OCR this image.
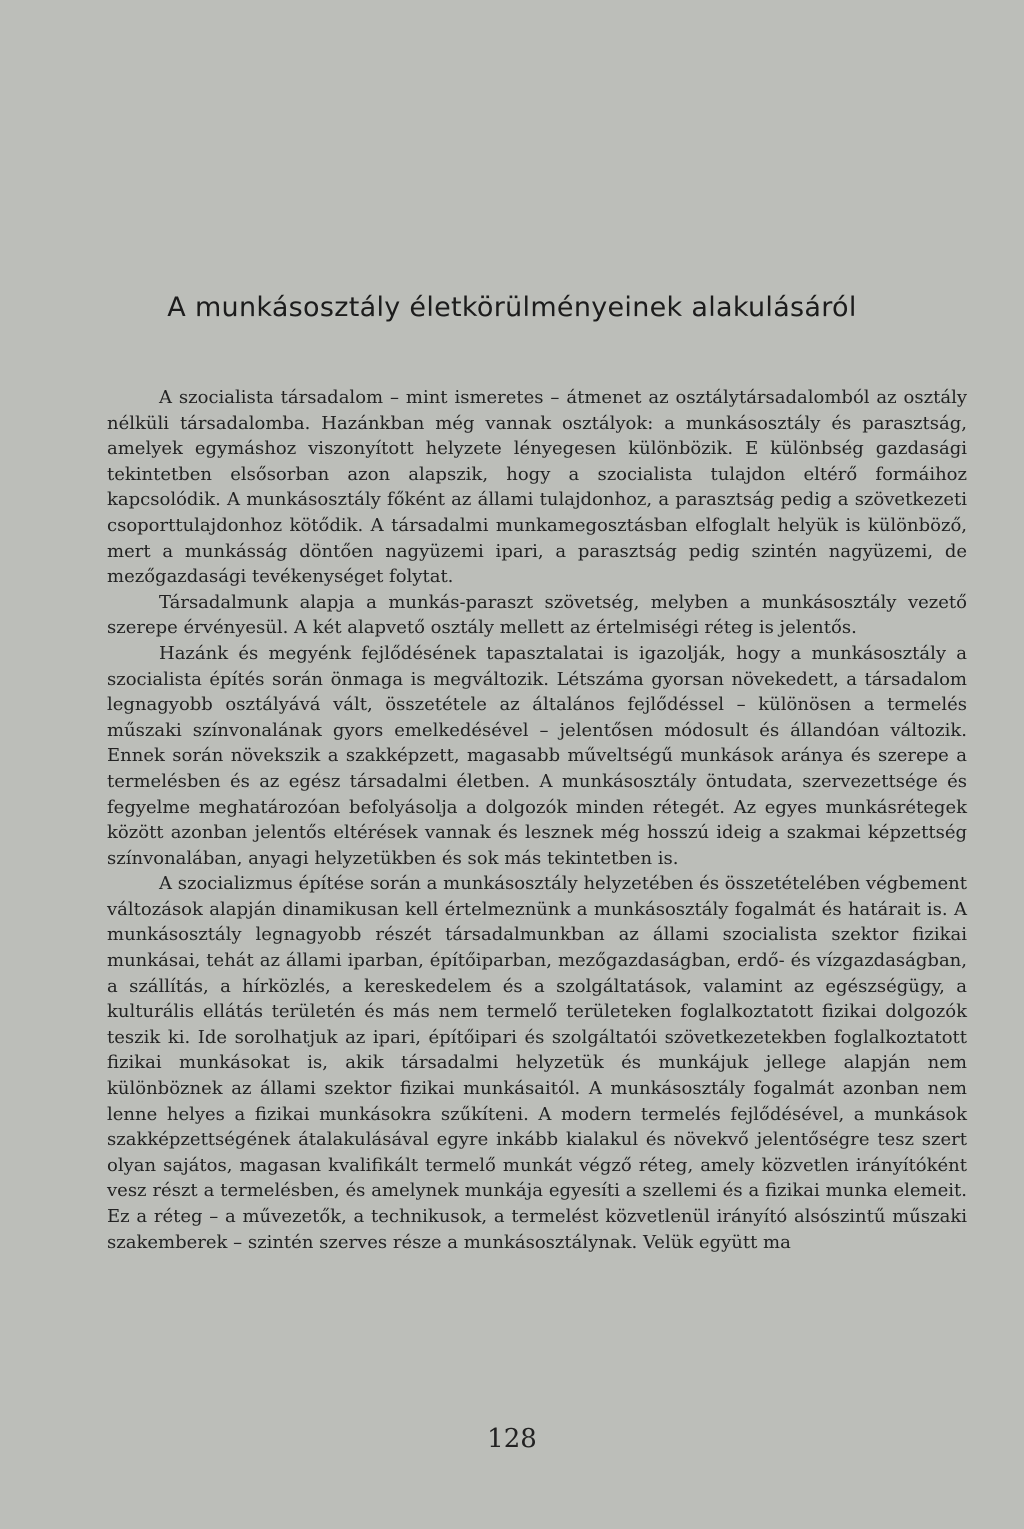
A munkásosztály életkörülményeinek alakulásáról

A szocialista társadalom – mint ismeretes – átmenet az osztálytársadalomból az osztály nélküli társadalomba. Hazánkban még vannak osztályok: a munkásosztály és parasztság, amelyek egymáshoz viszonyított helyzete lényegesen különbözik. E különbség gazdasági tekintetben elsősorban azon alapszik, hogy a szocialista tulajdon eltérő formáihoz kapcsolódik. A munkásosztály főként az állami tulajdonhoz, a parasztság pedig a szövetkezeti csoporttulajdonhoz kötődik. A társadalmi munkamegosztásban elfoglalt helyük is különböző, mert a munkásság döntően nagyüzemi ipari, a parasztság pedig szintén nagyüzemi, de mezőgazdasági tevékenységet folytat.

Társadalmunk alapja a munkás-paraszt szövetség, melyben a munkásosztály vezető szerepe érvényesül. A két alapvető osztály mellett az értelmiségi réteg is jelentős.

Hazánk és megyénk fejlődésének tapasztalatai is igazolják, hogy a munkásosztály a szocialista építés során önmaga is megváltozik. Létszáma gyorsan növekedett, a társadalom legnagyobb osztályává vált, összetétele az általános fejlődéssel – különösen a termelés műszaki színvonalának gyors emelkedésével – jelentősen módosult és állandóan változik. Ennek során növekszik a szakképzett, magasabb műveltségű munkások aránya és szerepe a termelésben és az egész társadalmi életben. A munkásosztály öntudata, szervezettsége és fegyelme meghatározóan befolyásolja a dolgozók minden rétegét. Az egyes munkásrétegek között azonban jelentős eltérések vannak és lesznek még hosszú ideig a szakmai képzettség színvonalában, anyagi helyzetükben és sok más tekintetben is.

A szocializmus építése során a munkásosztály helyzetében és összetételében végbement változások alapján dinamikusan kell értelmeznünk a munkásosztály fogalmát és határait is. A munkásosztály legnagyobb részét társadalmunkban az állami szocialista szektor fizikai munkásai, tehát az állami iparban, építőiparban, mezőgazdaságban, erdő- és vízgazdaságban, a szállítás, a hírközlés, a kereskedelem és a szolgáltatások, valamint az egészségügy, a kulturális ellátás területén és más nem termelő területeken foglalkoztatott fizikai dolgozók teszik ki. Ide sorolhatjuk az ipari, építőipari és szolgáltatói szövetkezetekben foglalkoztatott fizikai munkásokat is, akik társadalmi helyzetük és munkájuk jellege alapján nem különböznek az állami szektor fizikai munkásaitól. A munkásosztály fogalmát azonban nem lenne helyes a fizikai munkásokra szűkíteni. A modern termelés fejlődésével, a munkások szakképzettségének átalakulásával egyre inkább kialakul és növekvő jelentőségre tesz szert olyan sajátos, magasan kvalifikált termelő munkát végző réteg, amely közvetlen irányítóként vesz részt a termelésben, és amelynek munkája egyesíti a szellemi és a fizikai munka elemeit. Ez a réteg – a művezetők, a technikusok, a termelést közvetlenül irányító alsószintű műszaki szakemberek – szintén szerves része a munkásosztálynak. Velük együtt ma

128
